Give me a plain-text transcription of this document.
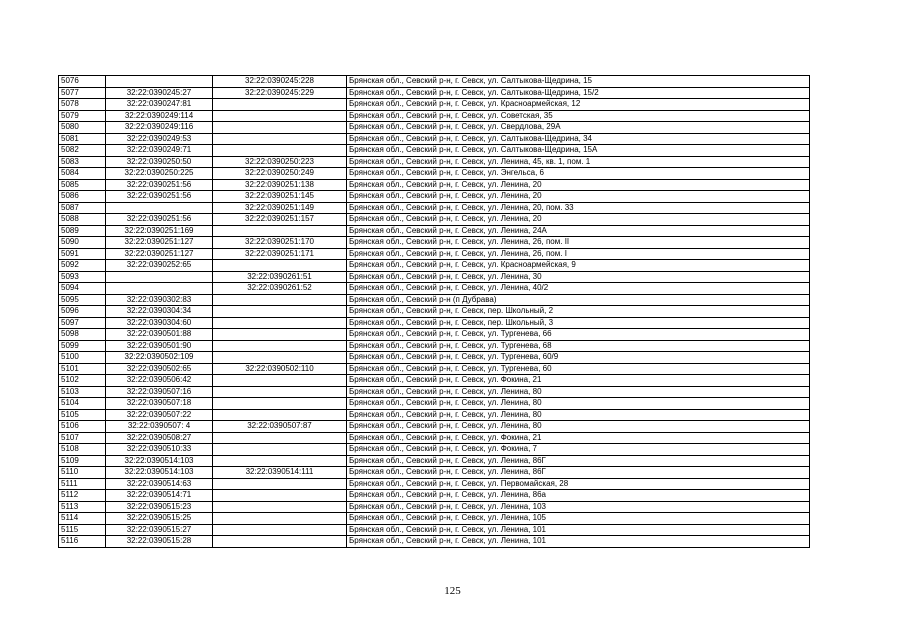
5076		32:22:0390245:228	Брянская обл., Севский р-н, г. Севск, ул. Салтыкова-Щедрина, 15
5077	32:22:0390245:27	32:22:0390245:229	Брянская обл., Севский р-н, г. Севск, ул. Салтыкова-Щедрина, 15/2
5078	32:22:0390247:81		Брянская обл., Севский р-н, г. Севск, ул. Красноармейская, 12
5079	32:22:0390249:114		Брянская обл., Севский р-н, г. Севск, ул. Советская, 35
5080	32:22:0390249:116		Брянская обл., Севский р-н, г. Севск, ул. Свердлова, 29А
5081	32:22:0390249:53		Брянская обл., Севский р-н, г. Севск, ул. Салтыкова-Щедрина, 34
5082	32:22:0390249:71		Брянская обл., Севский р-н, г. Севск, ул. Салтыкова-Щедрина, 15А
5083	32:22:0390250:50	32:22:0390250:223	Брянская обл., Севский р-н, г. Севск, ул. Ленина, 45, кв. 1, пом. 1
5084	32:22:0390250:225	32:22:0390250:249	Брянская обл., Севский р-н, г. Севск, ул. Энгельса, 6
5085	32:22:0390251:56	32:22:0390251:138	Брянская обл., Севский р-н, г. Севск, ул. Ленина, 20
5086	32:22:0390251:56	32:22:0390251:145	Брянская обл., Севский р-н, г. Севск, ул. Ленина, 20
5087		32:22:0390251:149	Брянская обл., Севский р-н, г. Севск, ул. Ленина, 20, пом. 33
5088	32:22:0390251:56	32:22:0390251:157	Брянская обл., Севский р-н, г. Севск, ул. Ленина, 20
5089	32:22:0390251:169		Брянская обл., Севский р-н, г. Севск, ул. Ленина, 24А
5090	32:22:0390251:127	32:22:0390251:170	Брянская обл., Севский р-н, г. Севск, ул. Ленина, 26, пом. II
5091	32:22:0390251:127	32:22:0390251:171	Брянская обл., Севский р-н, г. Севск, ул. Ленина, 26, пом. I
5092	32:22:0390252:65		Брянская обл., Севский р-н, г. Севск, ул. Красноармейская, 9
5093		32:22:0390261:51	Брянская обл., Севский р-н, г. Севск, ул. Ленина, 30
5094		32:22:0390261:52	Брянская обл., Севский р-н, г. Севск, ул. Ленина, 40/2
5095	32:22:0390302:83		Брянская обл., Севский р-н (п Дубрава)
5096	32:22:0390304:34		Брянская обл., Севский р-н, г. Севск, пер. Школьный, 2
5097	32:22:0390304:60		Брянская обл., Севский р-н, г. Севск, пер. Школьный, 3
5098	32:22:0390501:88		Брянская обл., Севский р-н, г. Севск, ул. Тургенева, 66
5099	32:22:0390501:90		Брянская обл., Севский р-н, г. Севск, ул. Тургенева, 68
5100	32:22:0390502:109		Брянская обл., Севский р-н, г. Севск, ул. Тургенева, 60/9
5101	32:22:0390502:65	32:22:0390502:110	Брянская обл., Севский р-н, г. Севск, ул. Тургенева, 60
5102	32:22:0390506:42		Брянская обл., Севский р-н, г. Севск, ул. Фокина, 21
5103	32:22:0390507:16		Брянская обл., Севский р-н, г. Севск, ул. Ленина, 80
5104	32:22:0390507:18		Брянская обл., Севский р-н, г. Севск, ул. Ленина, 80
5105	32:22:0390507:22		Брянская обл., Севский р-н, г. Севск, ул. Ленина, 80
5106	32:22:0390507: 4	32:22:0390507:87	Брянская обл., Севский р-н, г. Севск, ул. Ленина, 80
5107	32:22:0390508:27		Брянская обл., Севский р-н, г. Севск, ул. Фокина, 21
5108	32:22:0390510:33		Брянская обл., Севский р-н, г. Севск, ул. Фокина, 7
5109	32:22:0390514:103		Брянская обл., Севский р-н, г. Севск, ул. Ленина, 86Г
5110	32:22:0390514:103	32:22:0390514:111	Брянская обл., Севский р-н, г. Севск, ул. Ленина, 86Г
5111	32:22:0390514:63		Брянская обл., Севский р-н, г. Севск, ул. Первомайская, 28
5112	32:22:0390514:71		Брянская обл., Севский р-н, г. Севск, ул. Ленина, 86а
5113	32:22:0390515:23		Брянская обл., Севский р-н, г. Севск, ул. Ленина, 103
5114	32:22:0390515:25		Брянская обл., Севский р-н, г. Севск, ул. Ленина, 105
5115	32:22:0390515:27		Брянская обл., Севский р-н, г. Севск, ул. Ленина, 101
5116	32:22:0390515:28		Брянская обл., Севский р-н, г. Севск, ул. Ленина, 101
125
